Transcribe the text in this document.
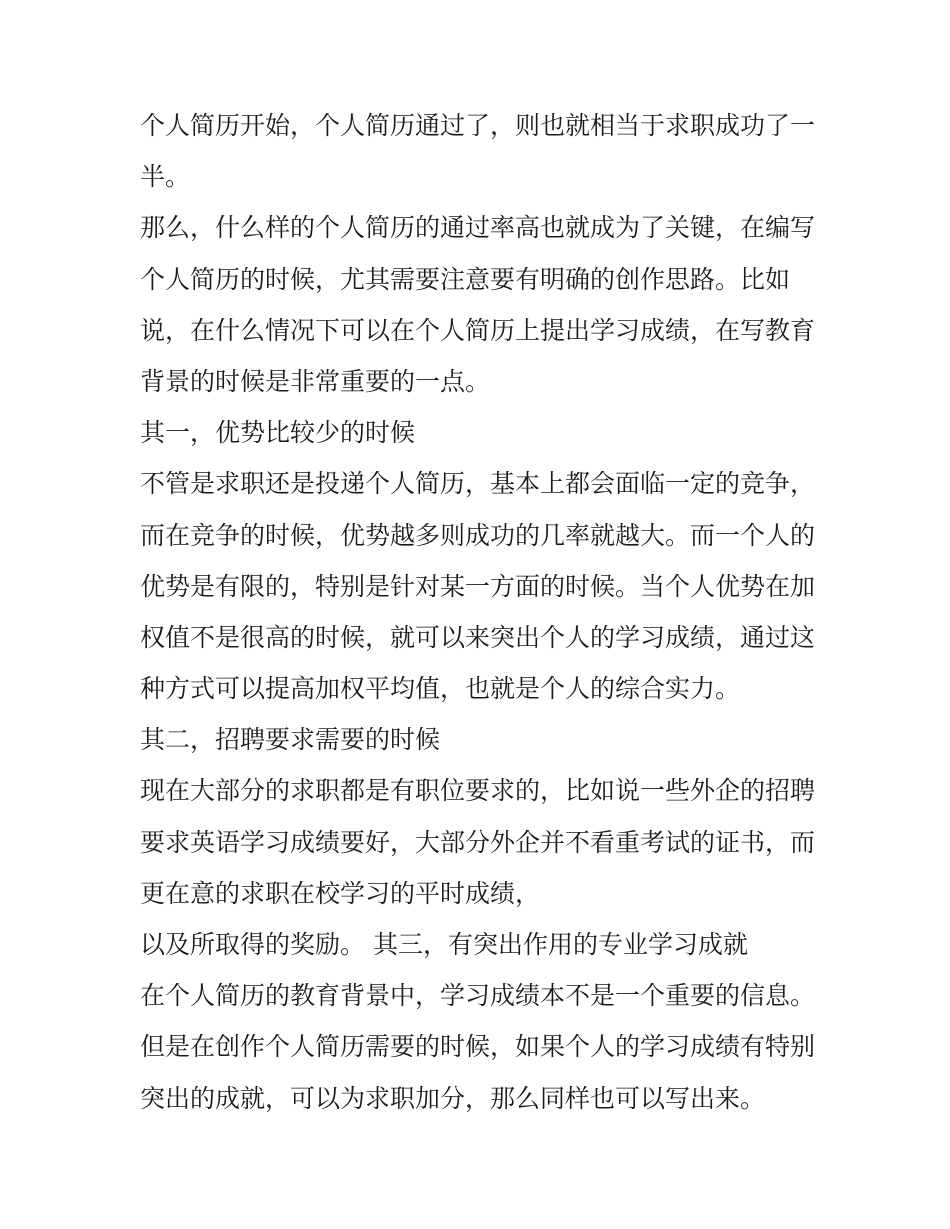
个人简历开始，个人简历通过了，则也就相当于求职成功了一
半。
那么，什么样的个人简历的通过率高也就成为了关键，在编写
个人简历的时候，尤其需要注意要有明确的创作思路。比如
说，在什么情况下可以在个人简历上提出学习成绩，在写教育
背景的时候是非常重要的一点。
其一，优势比较少的时候
不管是求职还是投递个人简历，基本上都会面临一定的竞争，
而在竞争的时候，优势越多则成功的几率就越大。而一个人的
优势是有限的，特别是针对某一方面的时候。当个人优势在加
权值不是很高的时候，就可以来突出个人的学习成绩，通过这
种方式可以提高加权平均值，也就是个人的综合实力。
其二，招聘要求需要的时候
现在大部分的求职都是有职位要求的，比如说一些外企的招聘
要求英语学习成绩要好，大部分外企并不看重考试的证书，而
更在意的求职在校学习的平时成绩，
以及所取得的奖励。 其三，有突出作用的专业学习成就
在个人简历的教育背景中，学习成绩本不是一个重要的信息。
但是在创作个人简历需要的时候，如果个人的学习成绩有特别
突出的成就，可以为求职加分，那么同样也可以写出来。
